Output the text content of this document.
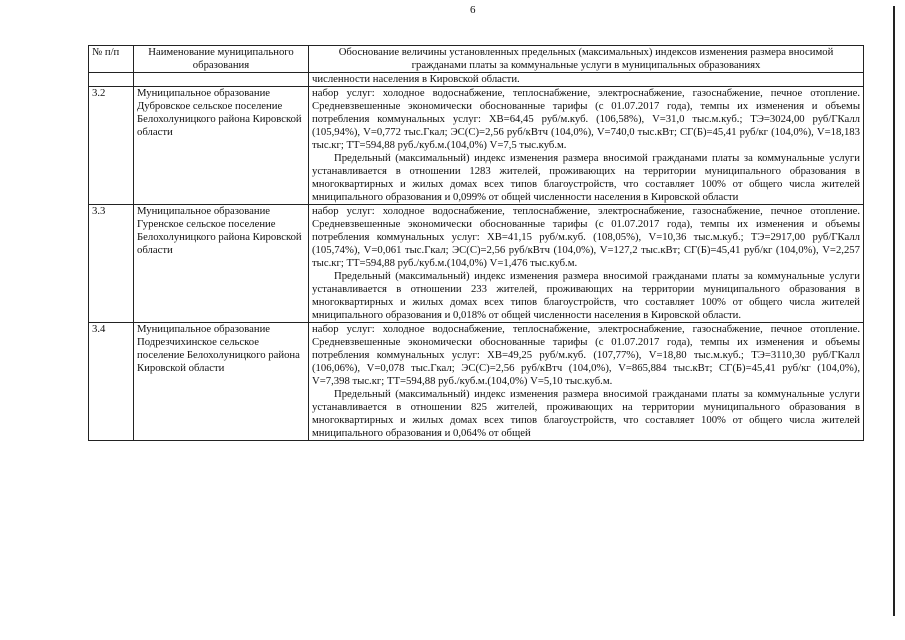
6
№ п/п	Наименование муниципального образования	Обоснование величины установленных предельных (максимальных) индексов изменения размера вносимой гражданами платы за коммунальные услуги в муниципальных образованиях

		численности населения в Кировской области.

3.2	Муниципальное образование Дубровское сельское поселение Белохолуницкого района Кировской области	набор услуг: холодное водоснабжение, теплоснабжение, электроснабжение, газоснабжение, печное отопление. Средневзвешенные экономически обоснованные тарифы (с 01.07.2017 года), темпы их изменения и объемы потребления коммунальных услуг: ХВ=64,45 руб/м.куб. (106,58%), V=31,0 тыс.м.куб.; ТЭ=3024,00 руб/ГКалл (105,94%), V=0,772 тыс.Гкал; ЭС(С)=2,56 руб/кВтч (104,0%), V=740,0 тыс.кВт; СГ(Б)=45,41 руб/кг (104,0%), V=18,183 тыс.кг; ТТ=594,88 руб./куб.м.(104,0%) V=7,5 тыс.куб.м.

Предельный (максимальный) индекс изменения размера вносимой гражданами платы за коммунальные услуги устанавливается в отношении 1283 жителей, проживающих на территории муниципального образования в многоквартирных и жилых домах всех типов благоустройств, что составляет 100% от общего числа жителей мниципального образования и 0,099% от общей численности населения в Кировской области

3.3	Муниципальное образование Гуренское сельское поселение Белохолуницкого района Кировской области	набор услуг: холодное водоснабжение, теплоснабжение, электроснабжение, газоснабжение, печное отопление. Средневзвешенные экономически обоснованные тарифы (с 01.07.2017 года), темпы их изменения и объемы потребления коммунальных услуг: ХВ=41,15 руб/м.куб. (108,05%), V=10,36 тыс.м.куб.; ТЭ=2917,00 руб/ГКалл (105,74%), V=0,061 тыс.Гкал; ЭС(С)=2,56 руб/кВтч (104,0%), V=127,2 тыс.кВт; СГ(Б)=45,41 руб/кг (104,0%), V=2,257 тыс.кг; ТТ=594,88 руб./куб.м.(104,0%) V=1,476 тыс.куб.м.

Предельный (максимальный) индекс изменения размера вносимой гражданами платы за коммунальные услуги устанавливается в отношении 233 жителей, проживающих на территории муниципального образования в многоквартирных и жилых домах всех типов благоустройств, что составляет 100% от общего числа жителей мниципального образования и 0,018% от общей численности населения в Кировской области.

3.4	Муниципальное образование Подрезчихинское сельское поселение Белохолуницкого района Кировской области	набор услуг: холодное водоснабжение, теплоснабжение, электроснабжение, газоснабжение, печное отопление. Средневзвешенные экономически обоснованные тарифы (с 01.07.2017 года), темпы их изменения и объемы потребления коммунальных услуг: ХВ=49,25 руб/м.куб. (107,77%), V=18,80 тыс.м.куб.; ТЭ=3110,30 руб/ГКалл (106,06%), V=0,078 тыс.Гкал; ЭС(С)=2,56 руб/кВтч (104,0%), V=865,884 тыс.кВт; СГ(Б)=45,41 руб/кг (104,0%), V=7,398 тыс.кг; ТТ=594,88 руб./куб.м.(104,0%) V=5,10 тыс.куб.м.

Предельный (максимальный) индекс изменения размера вносимой гражданами платы за коммунальные услуги устанавливается в отношении 825 жителей, проживающих на территории муниципального образования в многоквартирных и жилых домах всех типов благоустройств, что составляет 100% от общего числа жителей мниципального образования и 0,064% от общей
